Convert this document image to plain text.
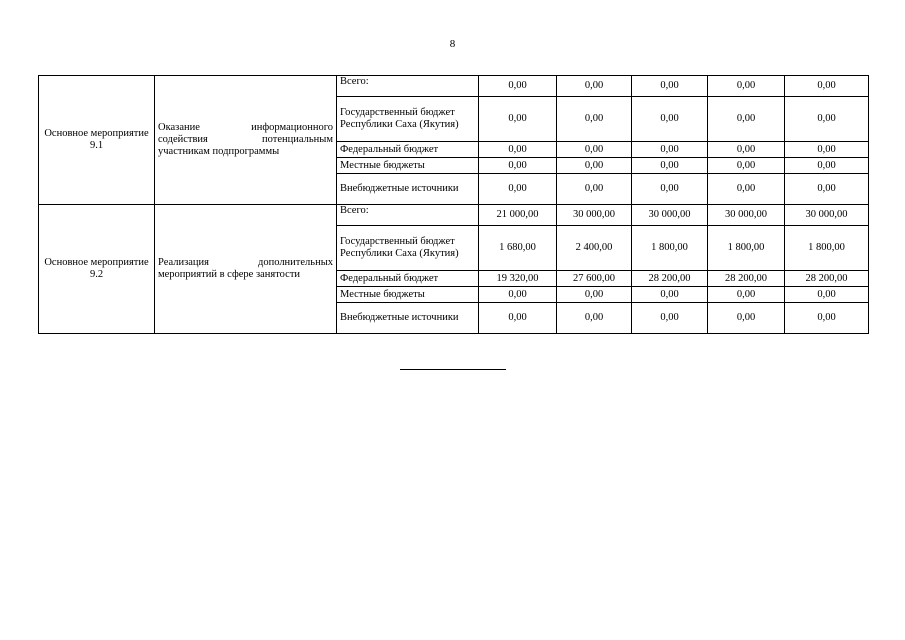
8
Основное мероприятие 9.1	Оказание информационного содействия потенциальным участникам подпрограммы	Всего:	0,00	0,00	0,00	0,00	0,00
		Государственный бюджет Республики Саха (Якутия)	0,00	0,00	0,00	0,00	0,00
		Федеральный бюджет	0,00	0,00	0,00	0,00	0,00
		Местные бюджеты	0,00	0,00	0,00	0,00	0,00
		Внебюджетные источники	0,00	0,00	0,00	0,00	0,00
Основное мероприятие 9.2	Реализация дополнительных мероприятий в сфере занятости	Всего:	21 000,00	30 000,00	30 000,00	30 000,00	30 000,00
		Государственный бюджет Республики Саха (Якутия)	1 680,00	2 400,00	1 800,00	1 800,00	1 800,00
		Федеральный бюджет	19 320,00	27 600,00	28 200,00	28 200,00	28 200,00
		Местные бюджеты	0,00	0,00	0,00	0,00	0,00
		Внебюджетные источники	0,00	0,00	0,00	0,00	0,00
